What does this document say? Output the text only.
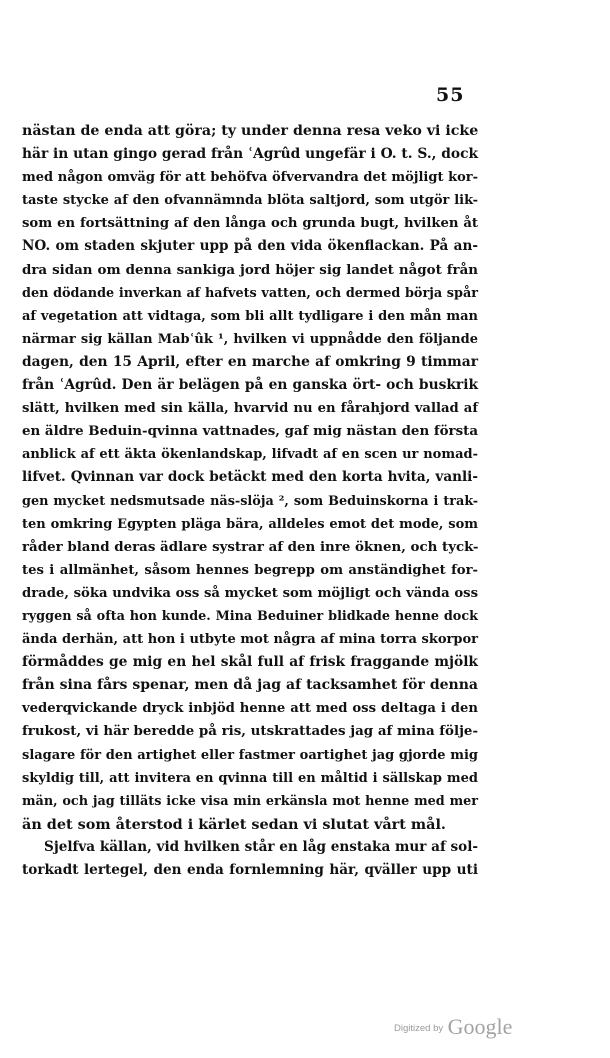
55
nästan de enda att göra; ty under denna resa veko vi icke
här in utan gingo gerad från ʿAgrûd ungefär i O. t. S., dock
med någon omväg för att behöfva öfvervandra det möjligt kor-
taste stycke af den ofvannämnda blöta saltjord, som utgör lik-
som en fortsättning af den långa och grunda bugt, hvilken åt
NO. om staden skjuter upp på den vida ökenflackan. På an-
dra sidan om denna sankiga jord höjer sig landet något från
den dödande inverkan af hafvets vatten, och dermed börja spår
af vegetation att vidtaga, som bli allt tydligare i den mån man
närmar sig källan Mabʿûk ¹, hvilken vi uppnådde den följande
dagen, den 15 April, efter en marche af omkring 9 timmar
från ʿAgrûd. Den är belägen på en ganska ört- och buskrik
slätt, hvilken med sin källa, hvarvid nu en fårahjord vallad af
en äldre Beduin-qvinna vattnades, gaf mig nästan den första
anblick af ett äkta ökenlandskap, lifvadt af en scen ur nomad-
lifvet. Qvinnan var dock betäckt med den korta hvita, vanli-
gen mycket nedsmutsade näs-slöja ², som Beduinskorna i trak-
ten omkring Egypten pläga bära, alldeles emot det mode, som
råder bland deras ädlare systrar af den inre öknen, och tyck-
tes i allmänhet, såsom hennes begrepp om anständighet for-
drade, söka undvika oss så mycket som möjligt och vända oss
ryggen så ofta hon kunde. Mina Beduiner blidkade henne dock
ända derhän, att hon i utbyte mot några af mina torra skorpor
förmåddes ge mig en hel skål full af frisk fraggande mjölk
från sina fårs spenar, men då jag af tacksamhet för denna
vederqvickande dryck inbjöd henne att med oss deltaga i den
frukost, vi här beredde på ris, utskrattades jag af mina följe-
slagare för den artighet eller fastmer oartighet jag gjorde mig
skyldig till, att invitera en qvinna till en måltid i sällskap med
män, och jag tilläts icke visa min erkänsla mot henne med mer
än det som återstod i kärlet sedan vi slutat vårt mål.
Sjelfva källan, vid hvilken står en låg enstaka mur af sol-
torkadt lertegel, den enda fornlemning här, qväller upp uti
Digitized by Google
